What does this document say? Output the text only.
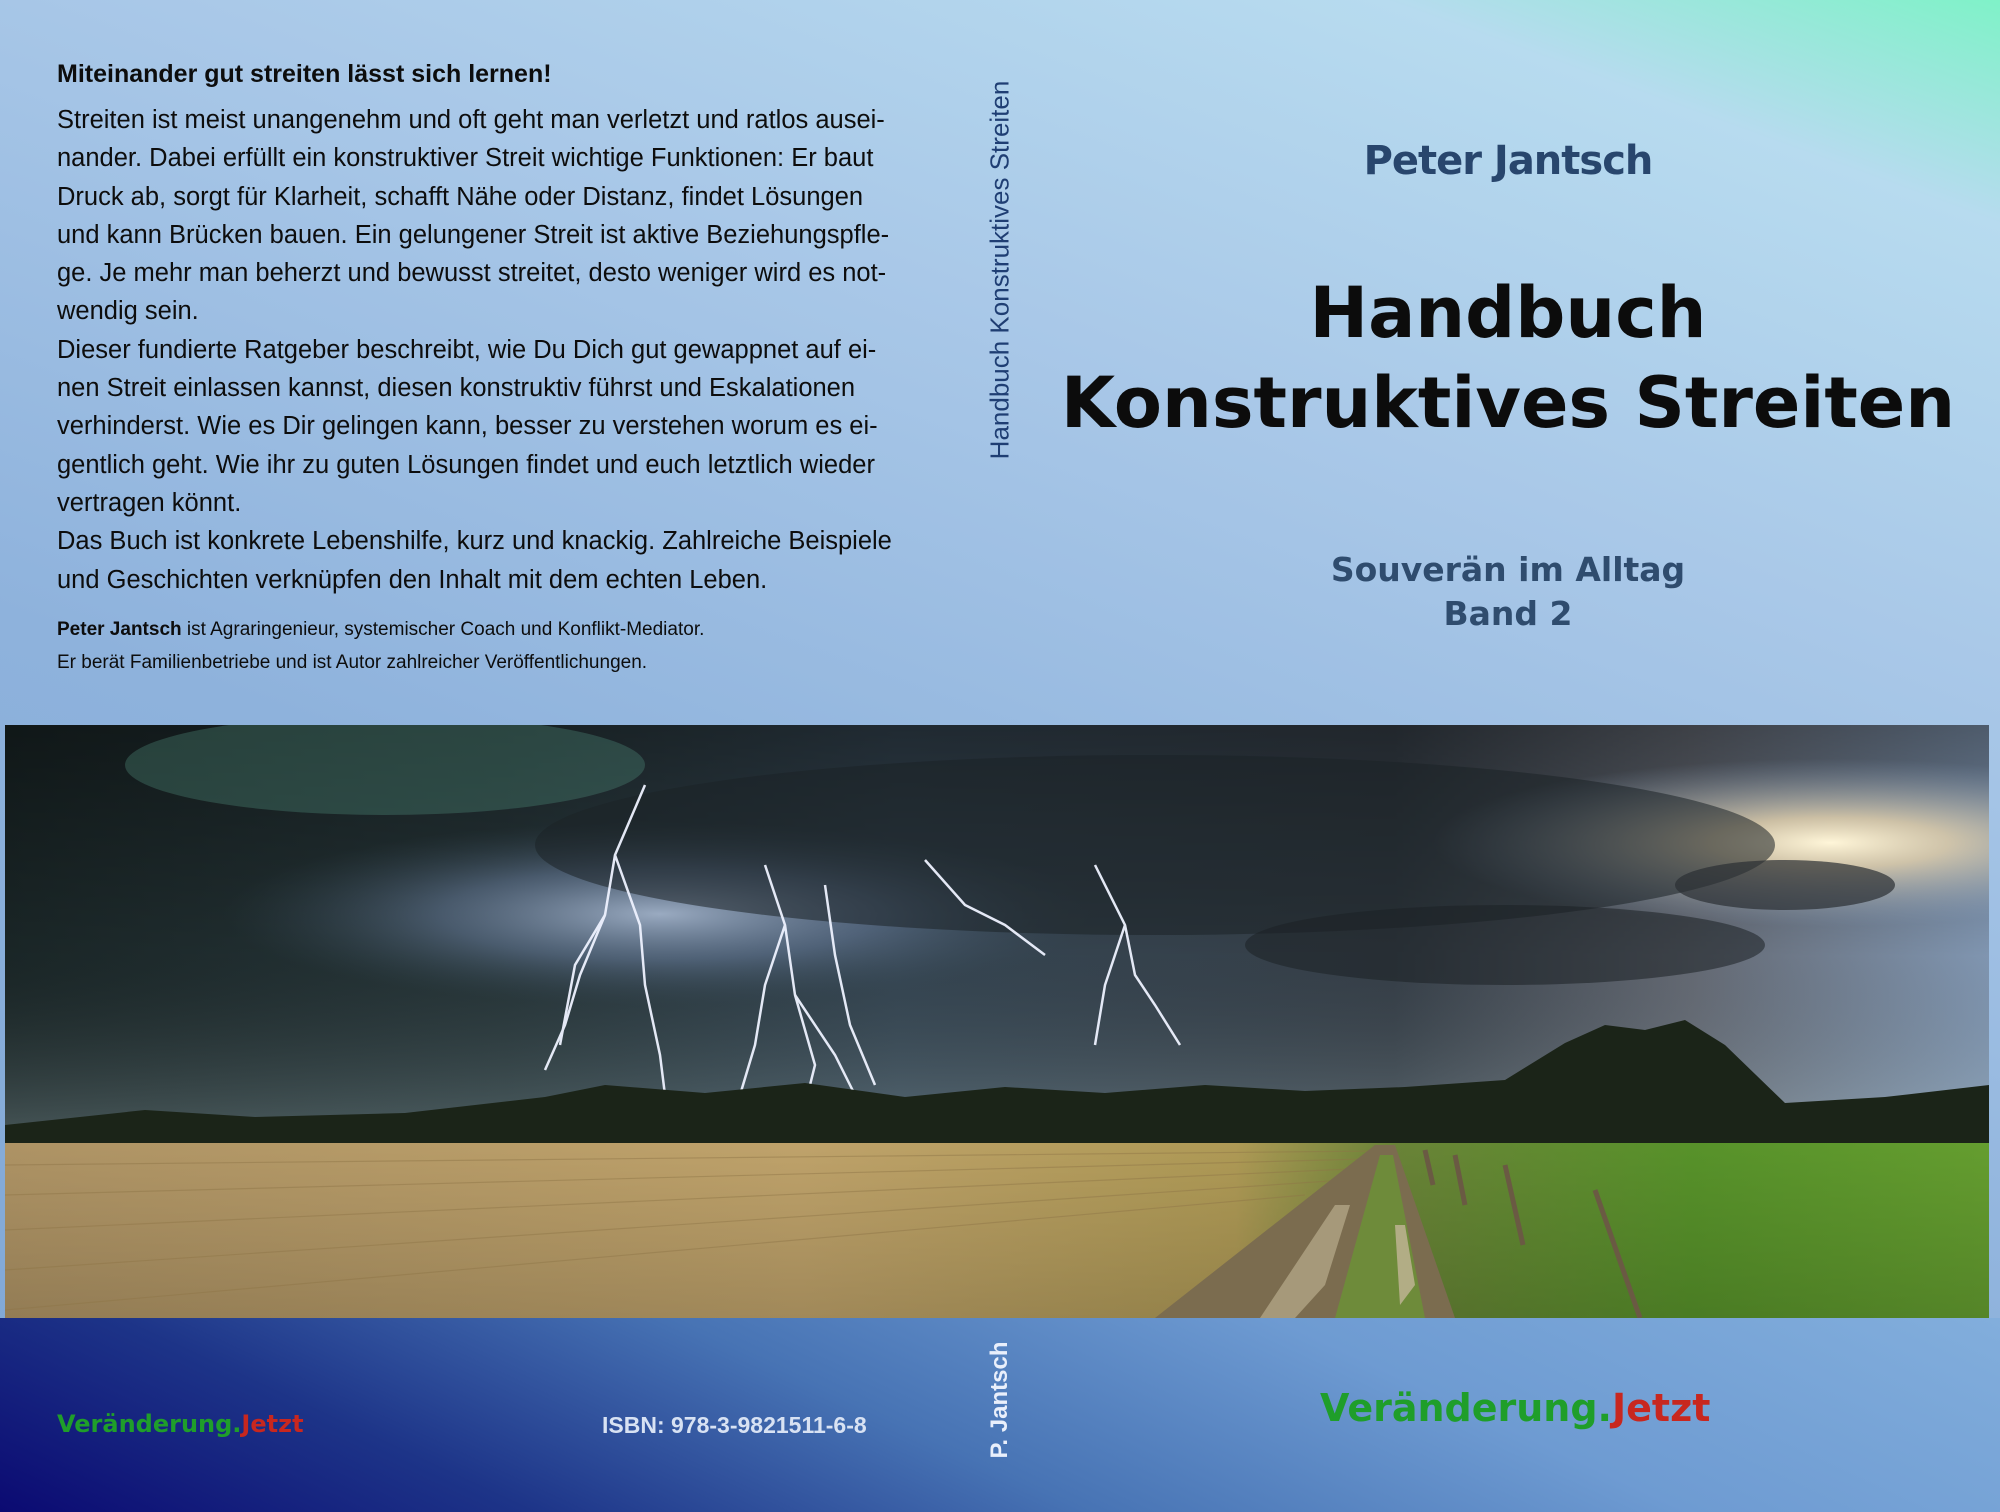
Miteinander gut streiten lässt sich lernen!

Streiten ist meist unangenehm und oft geht man verletzt und ratlos ausei-

nander. Dabei erfüllt ein konstruktiver Streit wichtige Funktionen: Er baut

Druck ab, sorgt für Klarheit, schafft Nähe oder Distanz, findet Lösungen

und kann Brücken bauen. Ein gelungener Streit ist aktive Beziehungspfle-

ge. Je mehr man beherzt und bewusst streitet, desto weniger wird es not-

wendig sein.

Dieser fundierte Ratgeber beschreibt, wie Du Dich gut gewappnet auf ei-

nen Streit einlassen kannst, diesen konstruktiv führst und Eskalationen

verhinderst. Wie es Dir gelingen kann, besser zu verstehen worum es ei-

gentlich geht. Wie ihr zu guten Lösungen findet und euch letztlich wieder

vertragen könnt.

Das Buch ist konkrete Lebenshilfe, kurz und knackig. Zahlreiche Beispiele

und Geschichten verknüpfen den Inhalt mit dem echten Leben.

Peter Jantsch ist Agraringenieur, systemischer Coach und Konflikt-Mediator.
Er berät Familienbetriebe und ist Autor zahlreicher Veröffentlichungen.
Handbuch Konstruktives Streiten	Peter Jantsch
Handbuch
Konstruktives Streiten
Souverän im Alltag
Band 2
Veränderung.Jetzt	ISBN: 978-3-9821511-6-8	P. Jantsch	Veränderung.Jetzt
